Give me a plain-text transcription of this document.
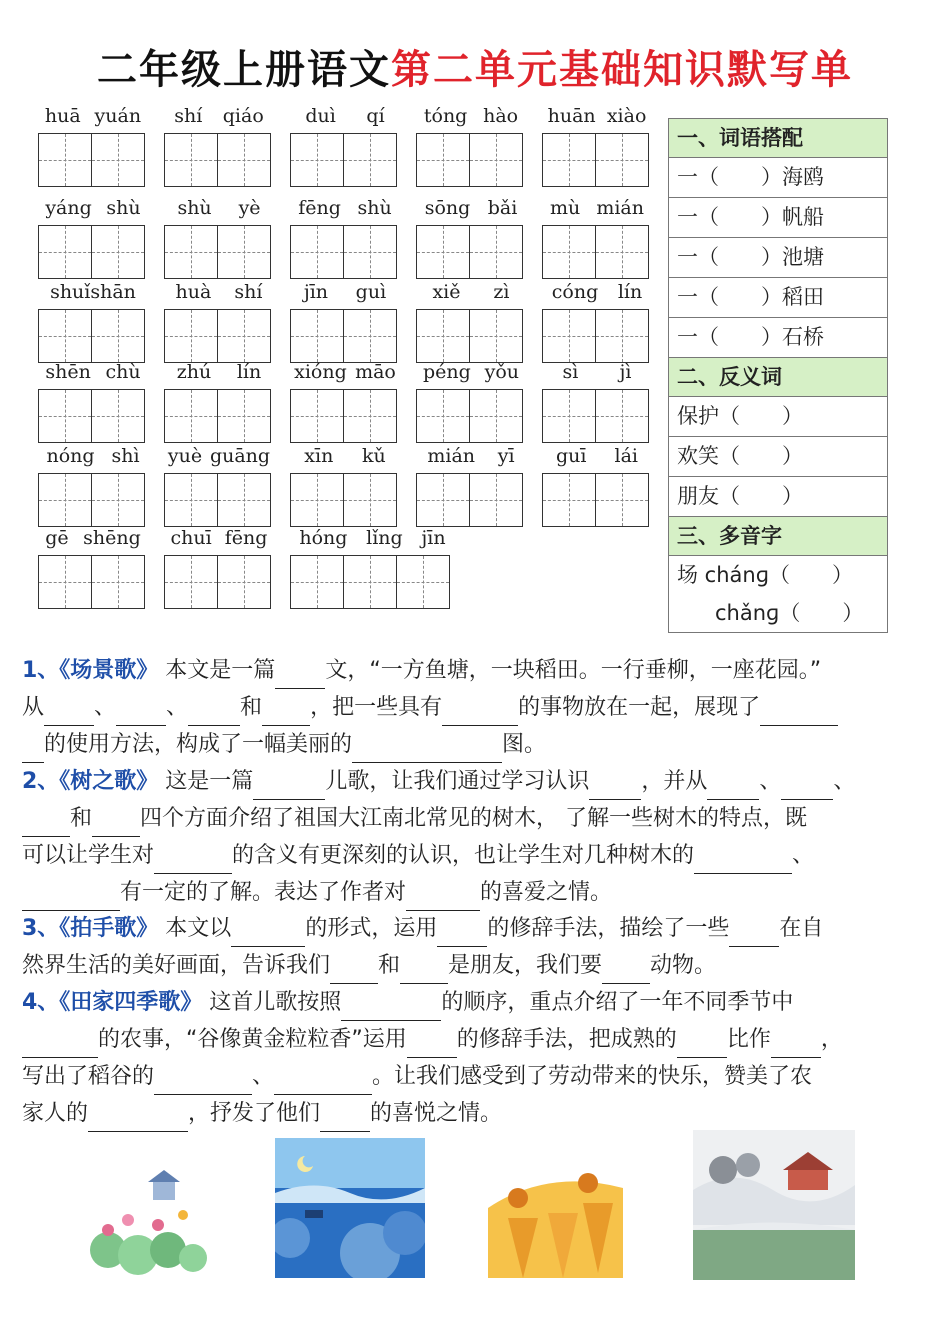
二年级上册语文第二单元基础知识默写单
huā yuán shí qiáo duì qí tóng hào huān xiào
yáng shù shù yè fēng shù sōng bǎi mù mián
shuǐshān huà shí jīn guì xiě zì cóng lín
shēn chù zhú lín xióng māo péng yǒu sì jì
nóng shì yuè guāng xīn kǔ mián yī guī lái
gē shēng chuī fēng hóng lǐng jīn
一、词语搭配
一（　　）海鸥
一（　　）帆船
一（　　）池塘
一（　　）稻田
一（　　）石桥
二、反义词
保护（　　）
欢笑（　　）
朋友（　　）
三、多音字
场 chánɡ（　　）
chǎnɡ（　　）

1、《场景歌》 本文是一篇 文，“一方鱼塘，一块稻田。一行垂柳，一座花园。”

从 、 、 和 ，把一些具有	的事物放在一起，展现了

的使用方法，构成了一幅美丽的	图。

2、《树之歌》 这是一篇	儿歌，让我们通过学习认识 ，并从 、 、

和 四个方面介绍了祖国大江南北常见的树木， 了解一些树木的特点，既

可以让学生对	的含义有更深刻的认识，也让学生对几种树木的	、

有一定的了解。表达了作者对	的喜爱之情。

3、《拍手歌》 本文以	的形式，运用 的修辞手法，描绘了一些 在自

然界生活的美好画面，告诉我们 和 是朋友，我们要 动物。

4、《田家四季歌》 这首儿歌按照	的顺序，重点介绍了一年不同季节中

的农事，“谷像黄金粒粒香”运用 的修辞手法，把成熟的 比作 ，

写出了稻谷的	、	。让我们感受到了劳动带来的快乐，赞美了农

家人的	，抒发了他们 的喜悦之情。
